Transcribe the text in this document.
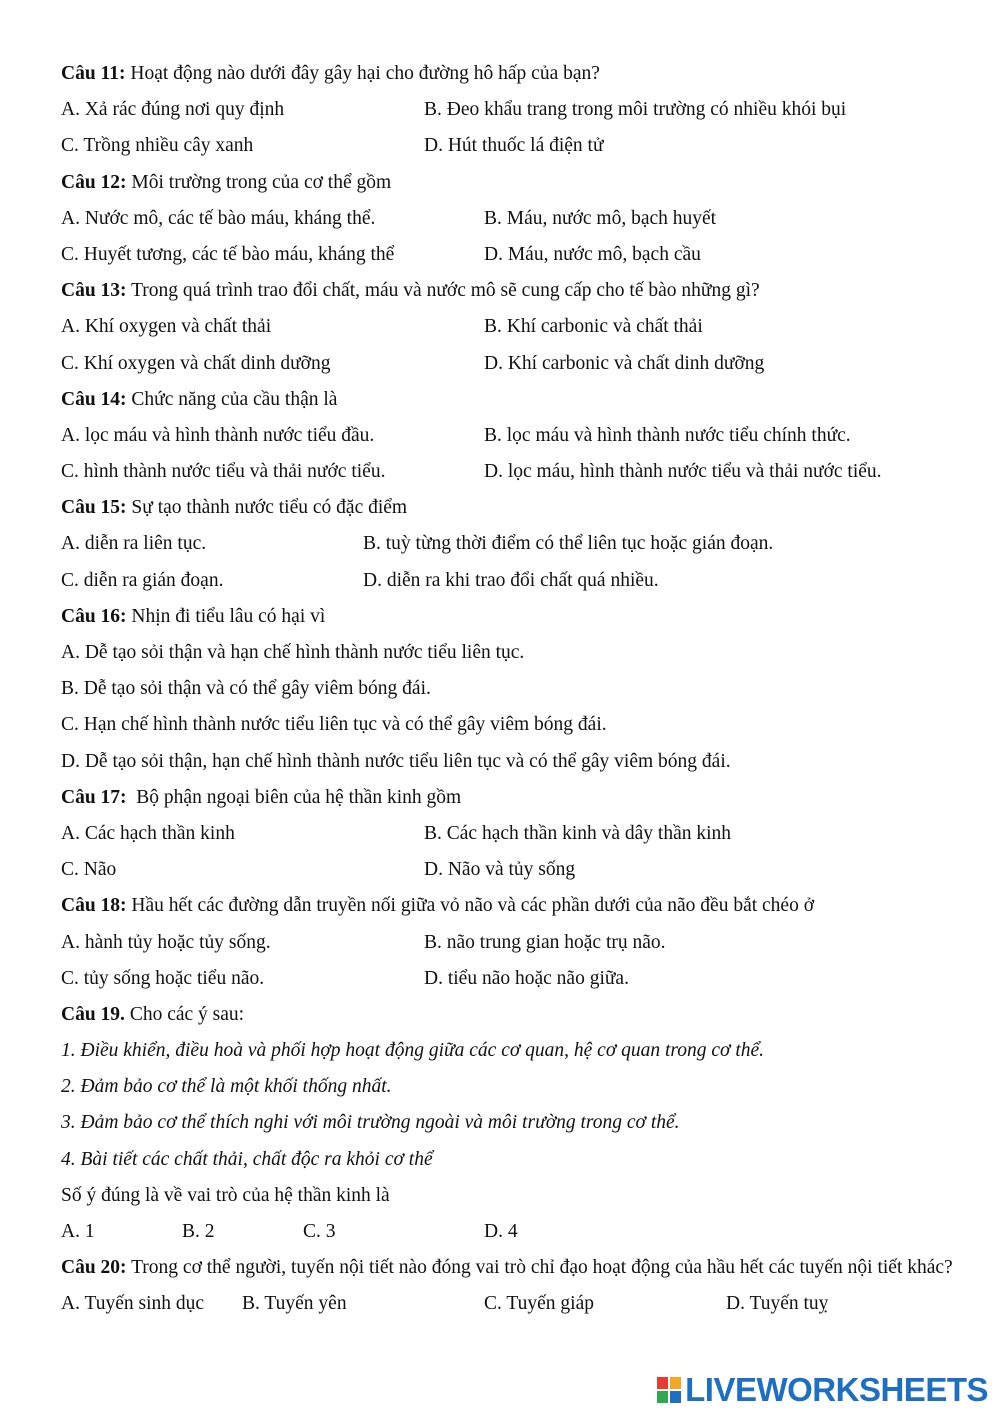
Câu 11: Hoạt động nào dưới đây gây hại cho đường hô hấp của bạn?
A. Xả rác đúng nơi quy định	B. Đeo khẩu trang trong môi trường có nhiều khói bụi
C. Trồng nhiều cây xanh	D. Hút thuốc lá điện tử
Câu 12: Môi trường trong của cơ thể gồm
A. Nước mô, các tế bào máu, kháng thể.	B. Máu, nước mô, bạch huyết
C. Huyết tương, các tế bào máu, kháng thể	D. Máu, nước mô, bạch cầu
Câu 13: Trong quá trình trao đổi chất, máu và nước mô sẽ cung cấp cho tế bào những gì?
A. Khí oxygen và chất thải	B. Khí carbonic và chất thải
C. Khí oxygen và chất dinh dưỡng	D. Khí carbonic và chất dinh dưỡng
Câu 14: Chức năng của cầu thận là
A. lọc máu và hình thành nước tiểu đầu.	B. lọc máu và hình thành nước tiểu chính thức.
C. hình thành nước tiểu và thải nước tiểu.	D. lọc máu, hình thành nước tiểu và thải nước tiểu.
Câu 15: Sự tạo thành nước tiểu có đặc điểm
A. diễn ra liên tục.	B. tuỳ từng thời điểm có thể liên tục hoặc gián đoạn.
C. diễn ra gián đoạn.	D. diễn ra khi trao đổi chất quá nhiều.
Câu 16: Nhịn đi tiểu lâu có hại vì
A. Dễ tạo sỏi thận và hạn chế hình thành nước tiểu liên tục.
B. Dễ tạo sỏi thận và có thể gây viêm bóng đái.
C. Hạn chế hình thành nước tiểu liên tục và có thể gây viêm bóng đái.
D. Dễ tạo sỏi thận, hạn chế hình thành nước tiểu liên tục và có thể gây viêm bóng đái.
Câu 17:  Bộ phận ngoại biên của hệ thần kinh gồm
A. Các hạch thần kinh	B. Các hạch thần kinh và dây thần kinh
C. Não	D. Não và tủy sống
Câu 18: Hầu hết các đường dẫn truyền nối giữa vỏ não và các phần dưới của não đều bắt chéo ở
A. hành tủy hoặc tủy sống.	B. não trung gian hoặc trụ não.
C. tủy sống hoặc tiểu não.	D. tiểu não hoặc não giữa.
Câu 19. Cho các ý sau:
1. Điều khiển, điều hoà và phối hợp hoạt động giữa các cơ quan, hệ cơ quan trong cơ thể.
2. Đảm bảo cơ thể là một khối thống nhất.
3. Đảm bảo cơ thể thích nghi với môi trường ngoài và môi trường trong cơ thể.
4. Bài tiết các chất thải, chất độc ra khỏi cơ thể
Số ý đúng là về vai trò của hệ thần kinh là
A. 1	B. 2	C. 3	D. 4
Câu 20: Trong cơ thể người, tuyến nội tiết nào đóng vai trò chỉ đạo hoạt động của hầu hết các tuyến nội tiết khác?
A. Tuyến sinh dục B. Tuyến yên	C. Tuyến giáp	D. Tuyến tuỵ
LIVEWORKSHEETS
